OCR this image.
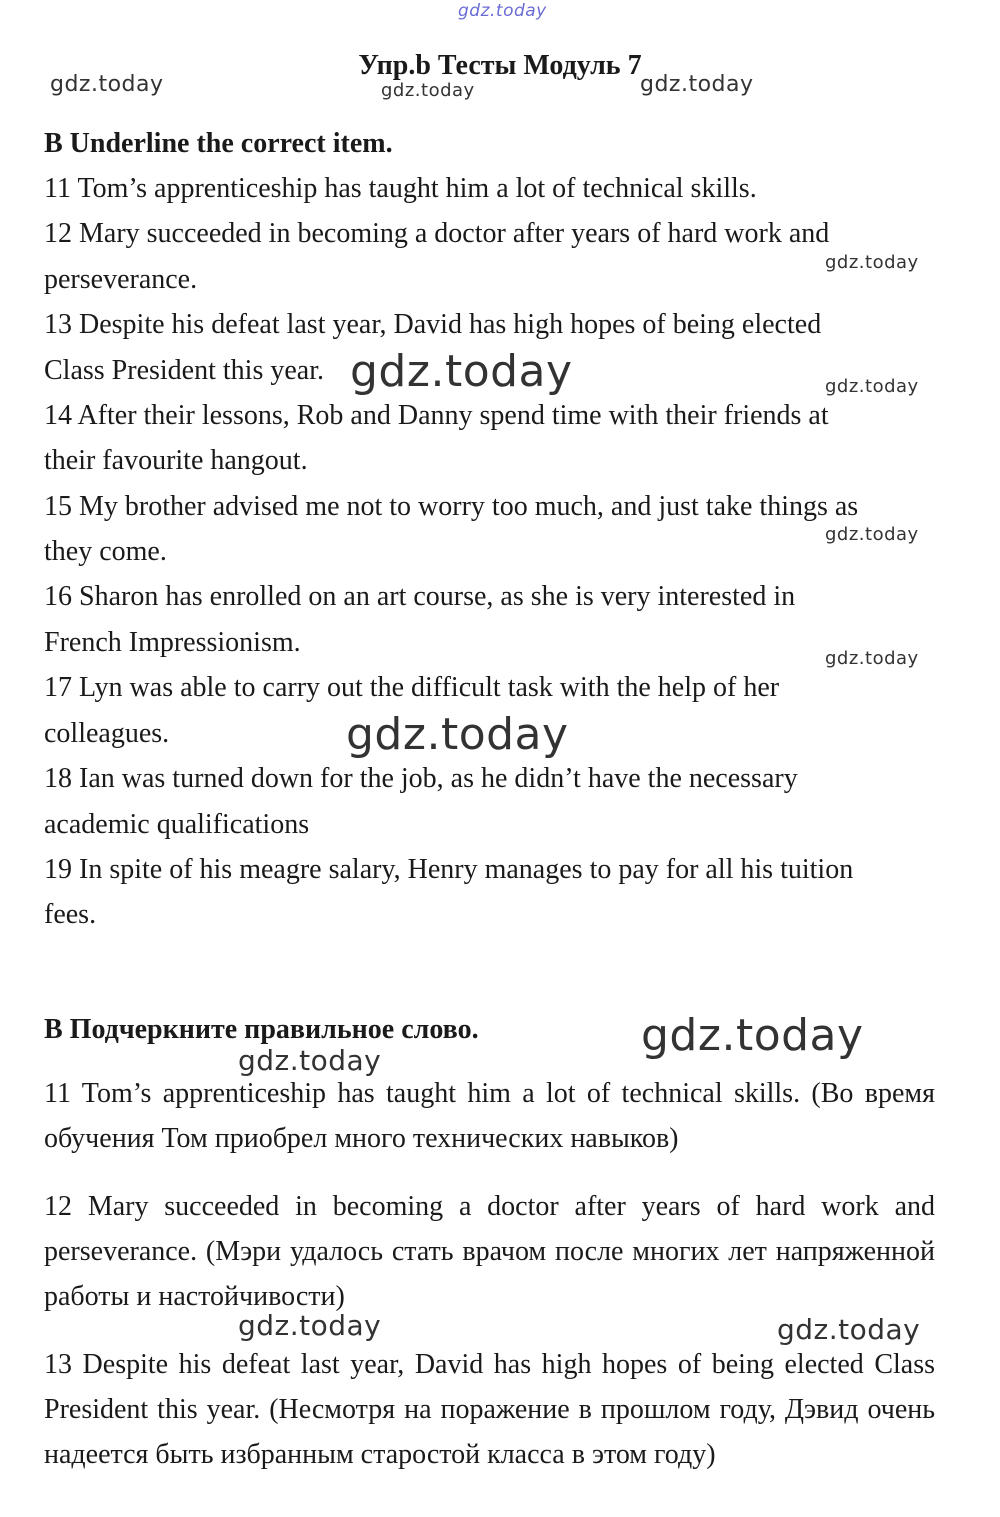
gdz.today
gdz.today	gdz.today	gdz.today
gdz.today
gdz.today	gdz.today
gdz.today
gdz.today
gdz.today
gdz.today
gdz.today
gdz.today	gdz.today
Упр.b Тесты Модуль 7
B Underline the correct item.
11 Tom’s apprenticeship has taught him a lot of technical skills.
12 Mary succeeded in becoming a doctor after years of hard work and
perseverance.
13 Despite his defeat last year, David has high hopes of being elected
Class President this year.
14 After their lessons, Rob and Danny spend time with their friends at
their favourite hangout.
15 My brother advised me not to worry too much, and just take things as
they come.
16 Sharon has enrolled on an art course, as she is very interested in
French Impressionism.
17 Lyn was able to carry out the difficult task with the help of her
colleagues.
18 Ian was turned down for the job, as he didn’t have the necessary
academic qualifications
19 In spite of his meagre salary, Henry manages to pay for all his tuition
fees.
B Подчеркните правильное слово.
11 Tom’s apprenticeship has taught him a lot of technical skills. (Во время обучения Том приобрел много технических навыков)
12 Mary succeeded in becoming a doctor after years of hard work and perseverance. (Мэри удалось стать врачом после многих лет напряженной работы и настойчивости)
13 Despite his defeat last year, David has high hopes of being elected Class President this year. (Несмотря на поражение в прошлом году, Дэвид очень надеется быть избранным старостой класса в этом году)
